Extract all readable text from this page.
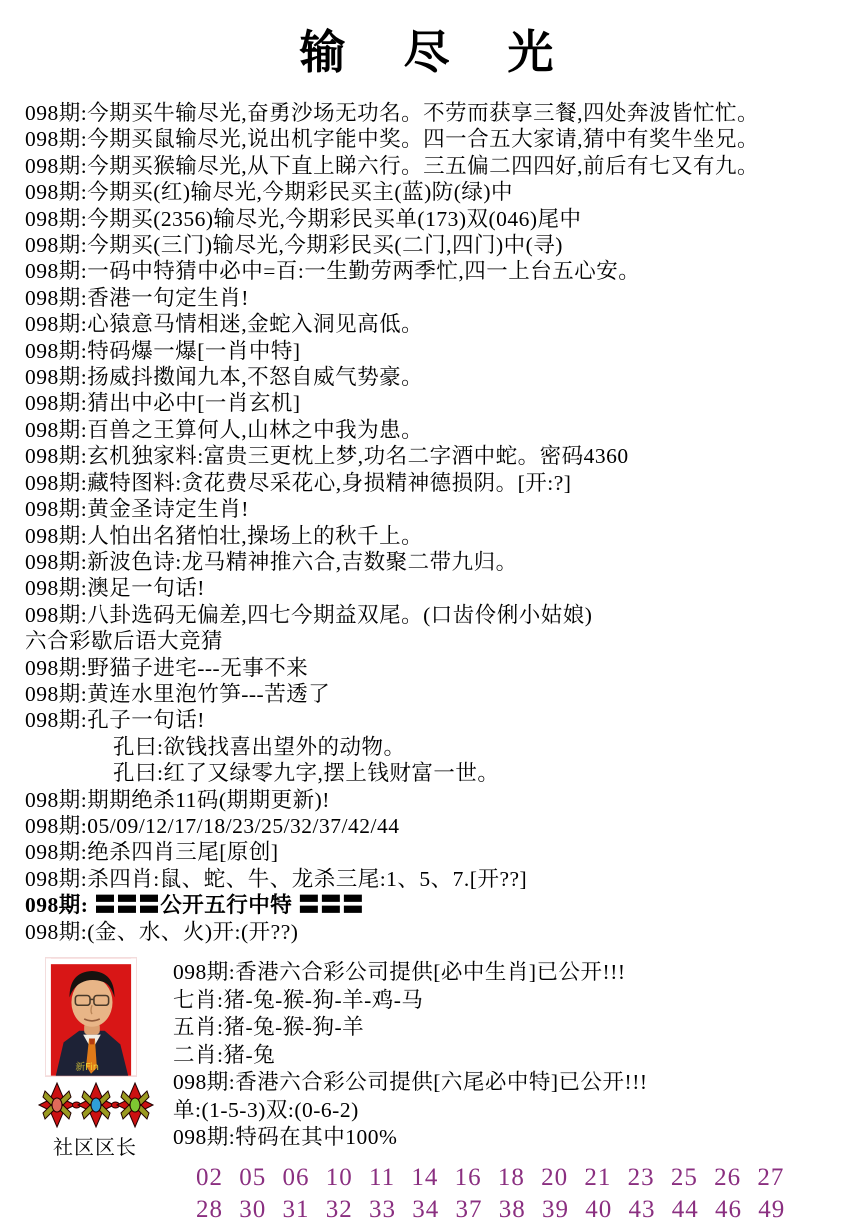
输　尽　光
098期:今期买牛输尽光,奋勇沙场无功名。不劳而获享三餐,四处奔波皆忙忙。
098期:今期买鼠输尽光,说出机字能中奖。四一合五大家请,猜中有奖牛坐兄。
098期:今期买猴输尽光,从下直上睇六行。三五偏二四四好,前后有七又有九。
098期:今期买(红)输尽光,今期彩民买主(蓝)防(绿)中
098期:今期买(2356)输尽光,今期彩民买单(173)双(046)尾中
098期:今期买(三门)输尽光,今期彩民买(二门,四门)中(寻)
098期:一码中特猜中必中=百:一生勤劳两季忙,四一上台五心安。
098期:香港一句定生肖!
098期:心猿意马情相迷,金蛇入洞见高低。
098期:特码爆一爆[一肖中特]
098期:扬威抖擞闻九本,不怒自威气势豪。
098期:猜出中必中[一肖玄机]
098期:百兽之王算何人,山林之中我为患。
098期:玄机独家料:富贵三更枕上梦,功名二字酒中蛇。密码4360
098期:藏特图料:贪花费尽采花心,身损精神德损阴。[开:?]
098期:黄金圣诗定生肖!
098期:人怕出名猪怕壮,操场上的秋千上。
098期:新波色诗:龙马精神推六合,吉数聚二带九归。
098期:澳足一句话!
098期:八卦选码无偏差,四七今期益双尾。(口齿伶俐小姑娘)
六合彩歇后语大竞猜
098期:野猫子进宅---无事不来
098期:黄连水里泡竹笋---苦透了
098期:孔子一句话!
孔曰:欲钱找喜出望外的动物。
孔曰:红了又绿零九字,摆上钱财富一世。
098期:期期绝杀11码(期期更新)!
098期:05/09/12/17/18/23/25/32/37/42/44
098期:绝杀四肖三尾[原创]
098期:杀四肖:鼠、蛇、牛、龙杀三尾:1、5、7.[开??]
098期: 〓〓〓公开五行中特 〓〓〓
098期:(金、水、火)开:(开??)
新Fin
社区区长
098期:香港六合彩公司提供[必中生肖]已公开!!!
七肖:猪-兔-猴-狗-羊-鸡-马
五肖:猪-兔-猴-狗-羊
二肖:猪-兔
098期:香港六合彩公司提供[六尾必中特]已公开!!!
单:(1-5-3)双:(0-6-2)
098期:特码在其中100%
02 05 06 10 11 14 16 18 20 21 23 25 26 27
28 30 31 32 33 34 37 38 39 40 43 44 46 49
